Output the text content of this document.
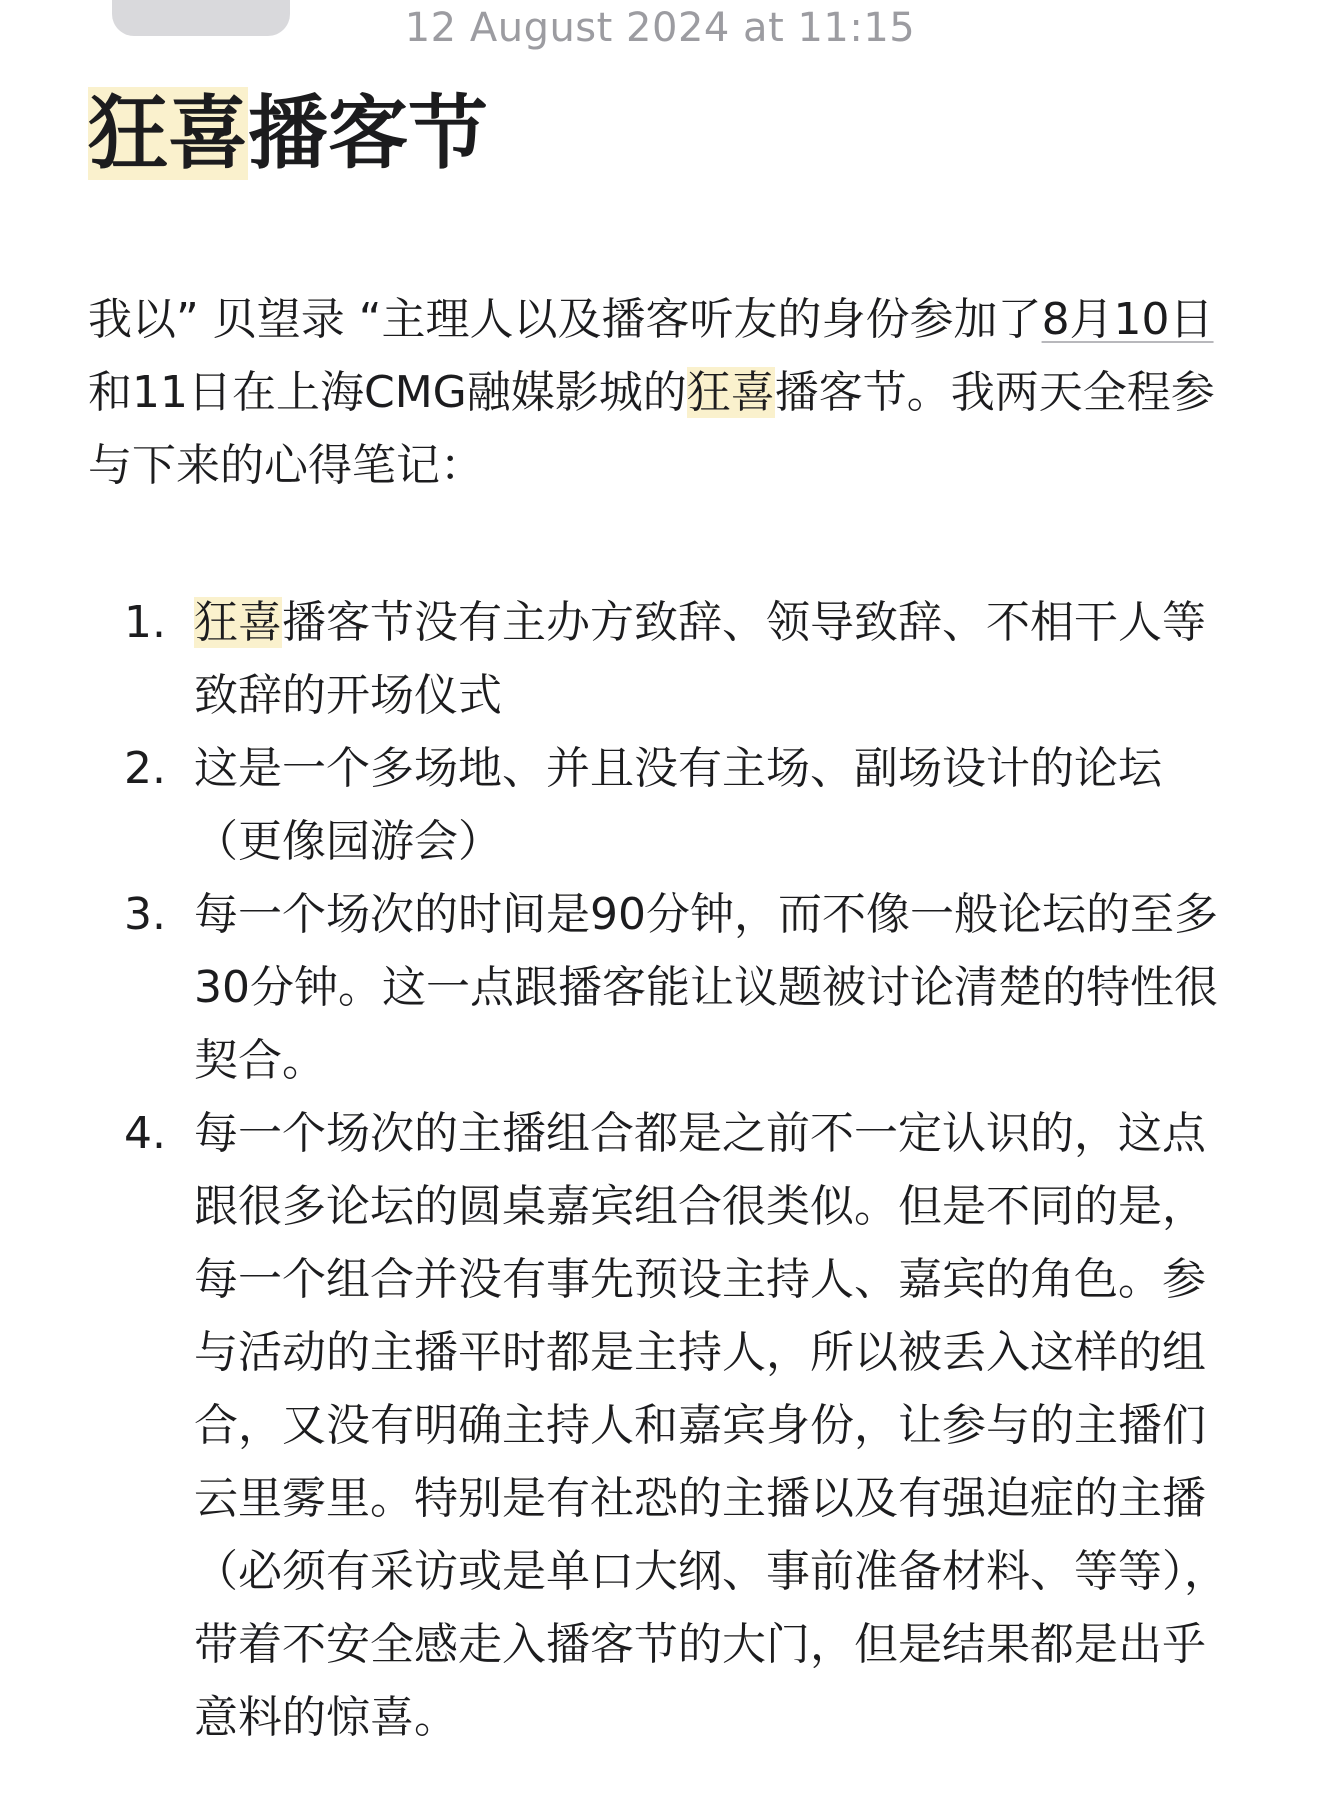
12 August 2024 at 11:15
狂喜播客节

我以” 贝望录 “主理人以及播客听友的身份参加了8月10日和11日在上海CMG融媒影城的狂喜播客节。我两天全程参与下来的心得笔记：

1. 狂喜播客节没有主办方致辞、领导致辞、不相干人等致辞的开场仪式
2. 这是一个多场地、并且没有主场、副场设计的论坛（更像园游会）
3. 每一个场次的时间是90分钟，而不像一般论坛的至多30分钟。这一点跟播客能让议题被讨论清楚的特性很契合。
4. 每一个场次的主播组合都是之前不一定认识的，这点跟很多论坛的圆桌嘉宾组合很类似。但是不同的是，每一个组合并没有事先预设主持人、嘉宾的角色。参与活动的主播平时都是主持人，所以被丢入这样的组合，又没有明确主持人和嘉宾身份，让参与的主播们云里雾里。特别是有社恐的主播以及有强迫症的主播（必须有采访或是单口大纲、事前准备材料、等等），带着不安全感走入播客节的大门，但是结果都是出乎意料的惊喜。
